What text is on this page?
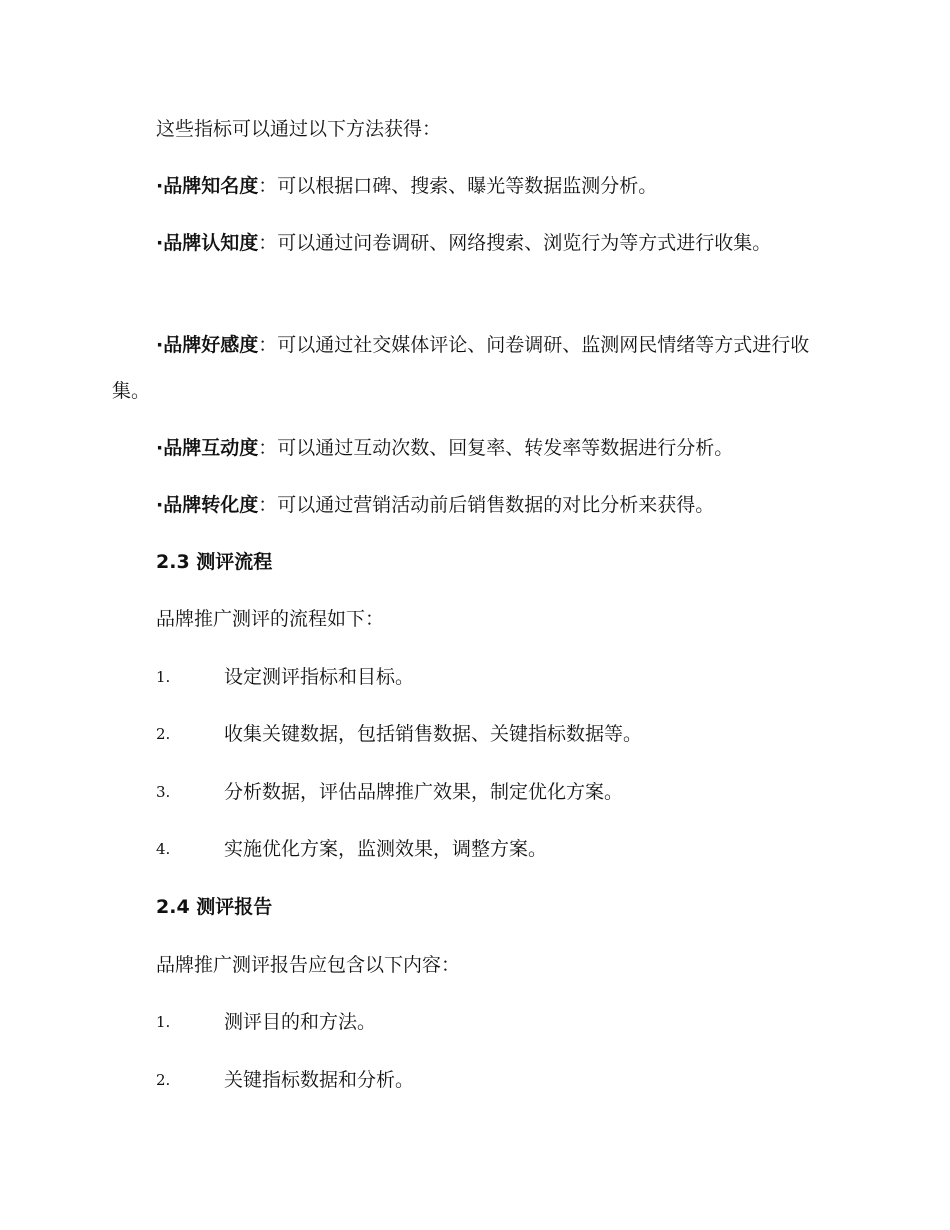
这些指标可以通过以下方法获得：
·品牌知名度：可以根据口碑、搜索、曝光等数据监测分析。
·品牌认知度：可以通过问卷调研、网络搜索、浏览行为等方式进行收集。
·品牌好感度：可以通过社交媒体评论、问卷调研、监测网民情绪等方式进行收集。
·品牌互动度：可以通过互动次数、回复率、转发率等数据进行分析。
·品牌转化度：可以通过营销活动前后销售数据的对比分析来获得。
2.3 测评流程
品牌推广测评的流程如下：
1.	设定测评指标和目标。
2.	收集关键数据，包括销售数据、关键指标数据等。
3.	分析数据，评估品牌推广效果，制定优化方案。
4.	实施优化方案，监测效果，调整方案。
2.4 测评报告
品牌推广测评报告应包含以下内容：
1.	测评目的和方法。
2.	关键指标数据和分析。
